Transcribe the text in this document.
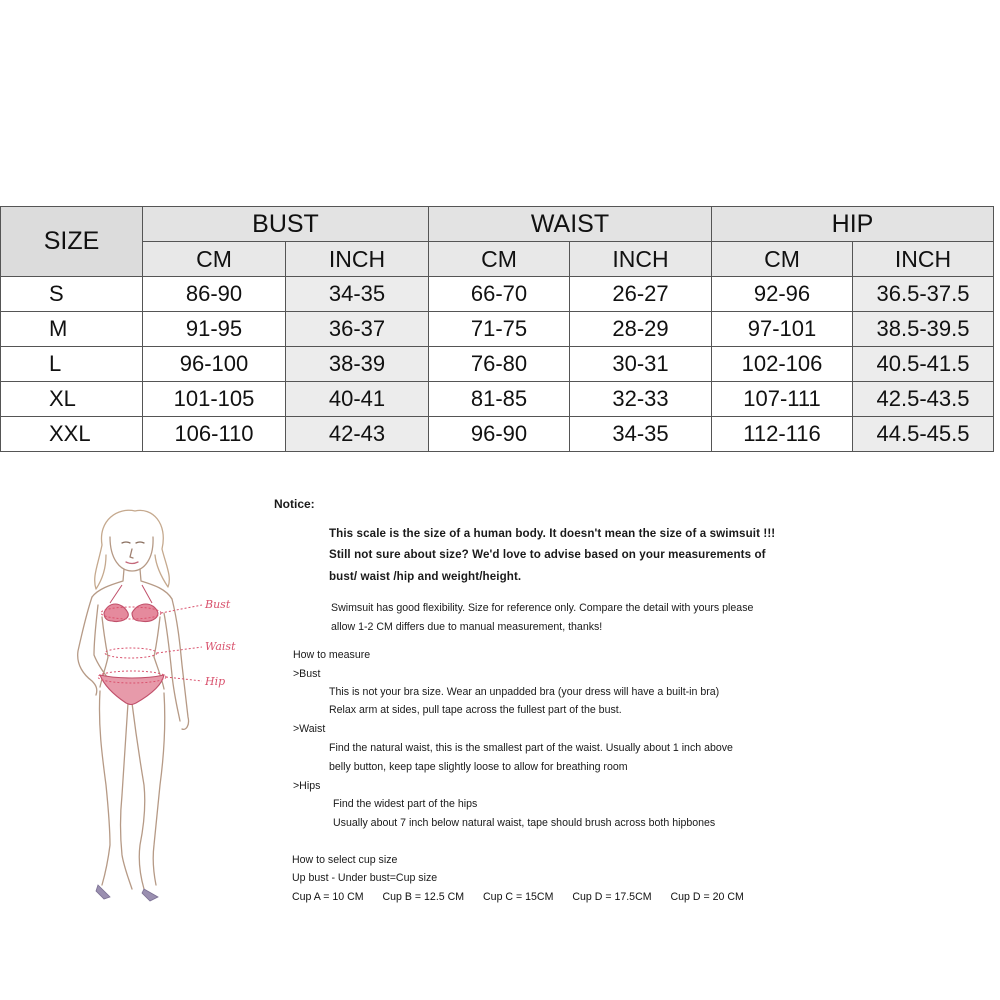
SIZE	BUST		WAIST		HIP	
	CM	INCH	CM	INCH	CM	INCH
S	86-90	34-35	66-70	26-27	92-96	36.5-37.5
M	91-95	36-37	71-75	28-29	97-101	38.5-39.5
L	96-100	38-39	76-80	30-31	102-106	40.5-41.5
XL	101-105	40-41	81-85	32-33	107-111	42.5-43.5
XXL	106-110	42-43	96-90	34-35	112-116	44.5-45.5
Bust
Waist
Hip
Notice:
This scale is the size of a human body. It doesn't mean the size of a swimsuit !!!
Still not sure about size? We'd love to advise based on your measurements of
bust/ waist /hip and weight/height.
Swimsuit has good flexibility. Size for reference only. Compare the detail with yours please
allow 1-2 CM differs due to manual measurement, thanks!
How to measure
>Bust
This is not your bra size. Wear an unpadded bra (your dress will have a built-in bra)
Relax arm at sides, pull tape across the fullest part of the bust.
>Waist
Find the natural waist, this is the smallest part of the waist. Usually about 1 inch above
belly button, keep tape slightly loose to allow for breathing room
>Hips
Find the widest part of the hips
Usually about 7 inch below natural waist, tape should brush across both hipbones
How to select cup size
Up bust - Under bust=Cup size
Cup A = 10 CM Cup B = 12.5 CM Cup C = 15CM Cup D = 17.5CM Cup D = 20 CM
